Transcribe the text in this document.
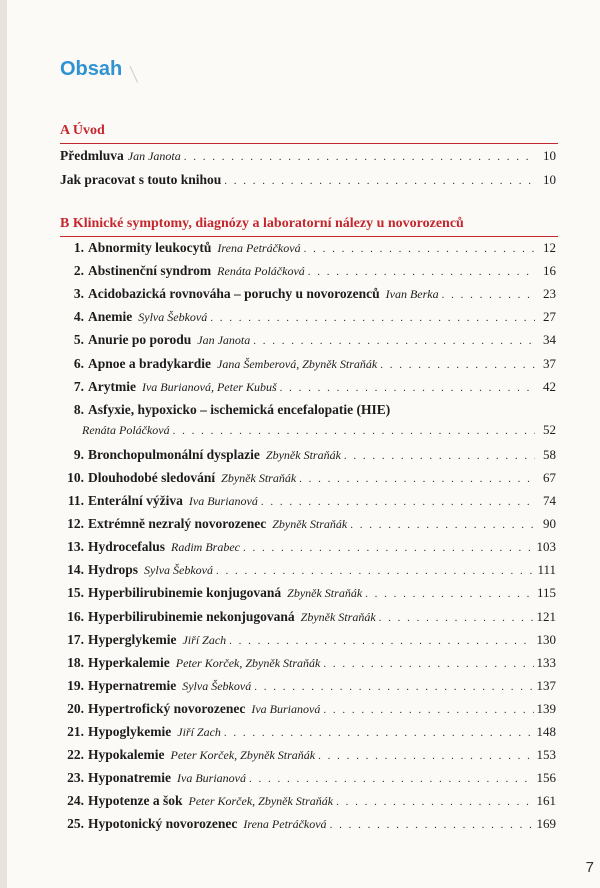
Obsah
A Úvod
Předmluva Jan Janota . . .	10
Jak pracovat s touto knihou . . .	10
B Klinické symptomy, diagnózy a laboratorní nálezy u novorozenců
1. Abnormity leukocytů Irena Petráčková . . .	12
2. Abstinenční syndrom Renáta Poláčková . . .	16
3. Acidobazická rovnováha – poruchy u novorozenců Ivan Berka . . .	23
4. Anemie Sylva Šebková . . .	27
5. Anurie po porodu Jan Janota . . .	34
6. Apnoe a bradykardie Jana Šemberová, Zbyněk Straňák . . .	37
7. Arytmie Iva Burianová, Peter Kubuš . . .	42
8. Asfyxie, hypoxicko – ischemická encefalopatie (HIE)
Renáta Poláčková . . .	52
9. Bronchopulmonální dysplazie Zbyněk Straňák . . .	58
10. Dlouhodobé sledování Zbyněk Straňák . . .	67
11. Enterální výživa Iva Burianová . . .	74
12. Extrémně nezralý novorozenec Zbyněk Straňák . . .	90
13. Hydrocefalus Radim Brabec . . .	103
14. Hydrops Sylva Šebková . . .	111
15. Hyperbilirubinemie konjugovaná Zbyněk Straňák . . .	115
16. Hyperbilirubinemie nekonjugovaná Zbyněk Straňák . . .	121
17. Hyperglykemie Jiří Zach . . .	130
18. Hyperkalemie Peter Korček, Zbyněk Straňák . . .	133
19. Hypernatremie Sylva Šebková . . .	137
20. Hypertrofický novorozenec Iva Burianová . . .	139
21. Hypoglykemie Jiří Zach . . .	148
22. Hypokalemie Peter Korček, Zbyněk Straňák . . .	153
23. Hyponatremie Iva Burianová . . .	156
24. Hypotenze a šok Peter Korček, Zbyněk Straňák . . .	161
25. Hypotonický novorozenec Irena Petráčková . . .	169
7
